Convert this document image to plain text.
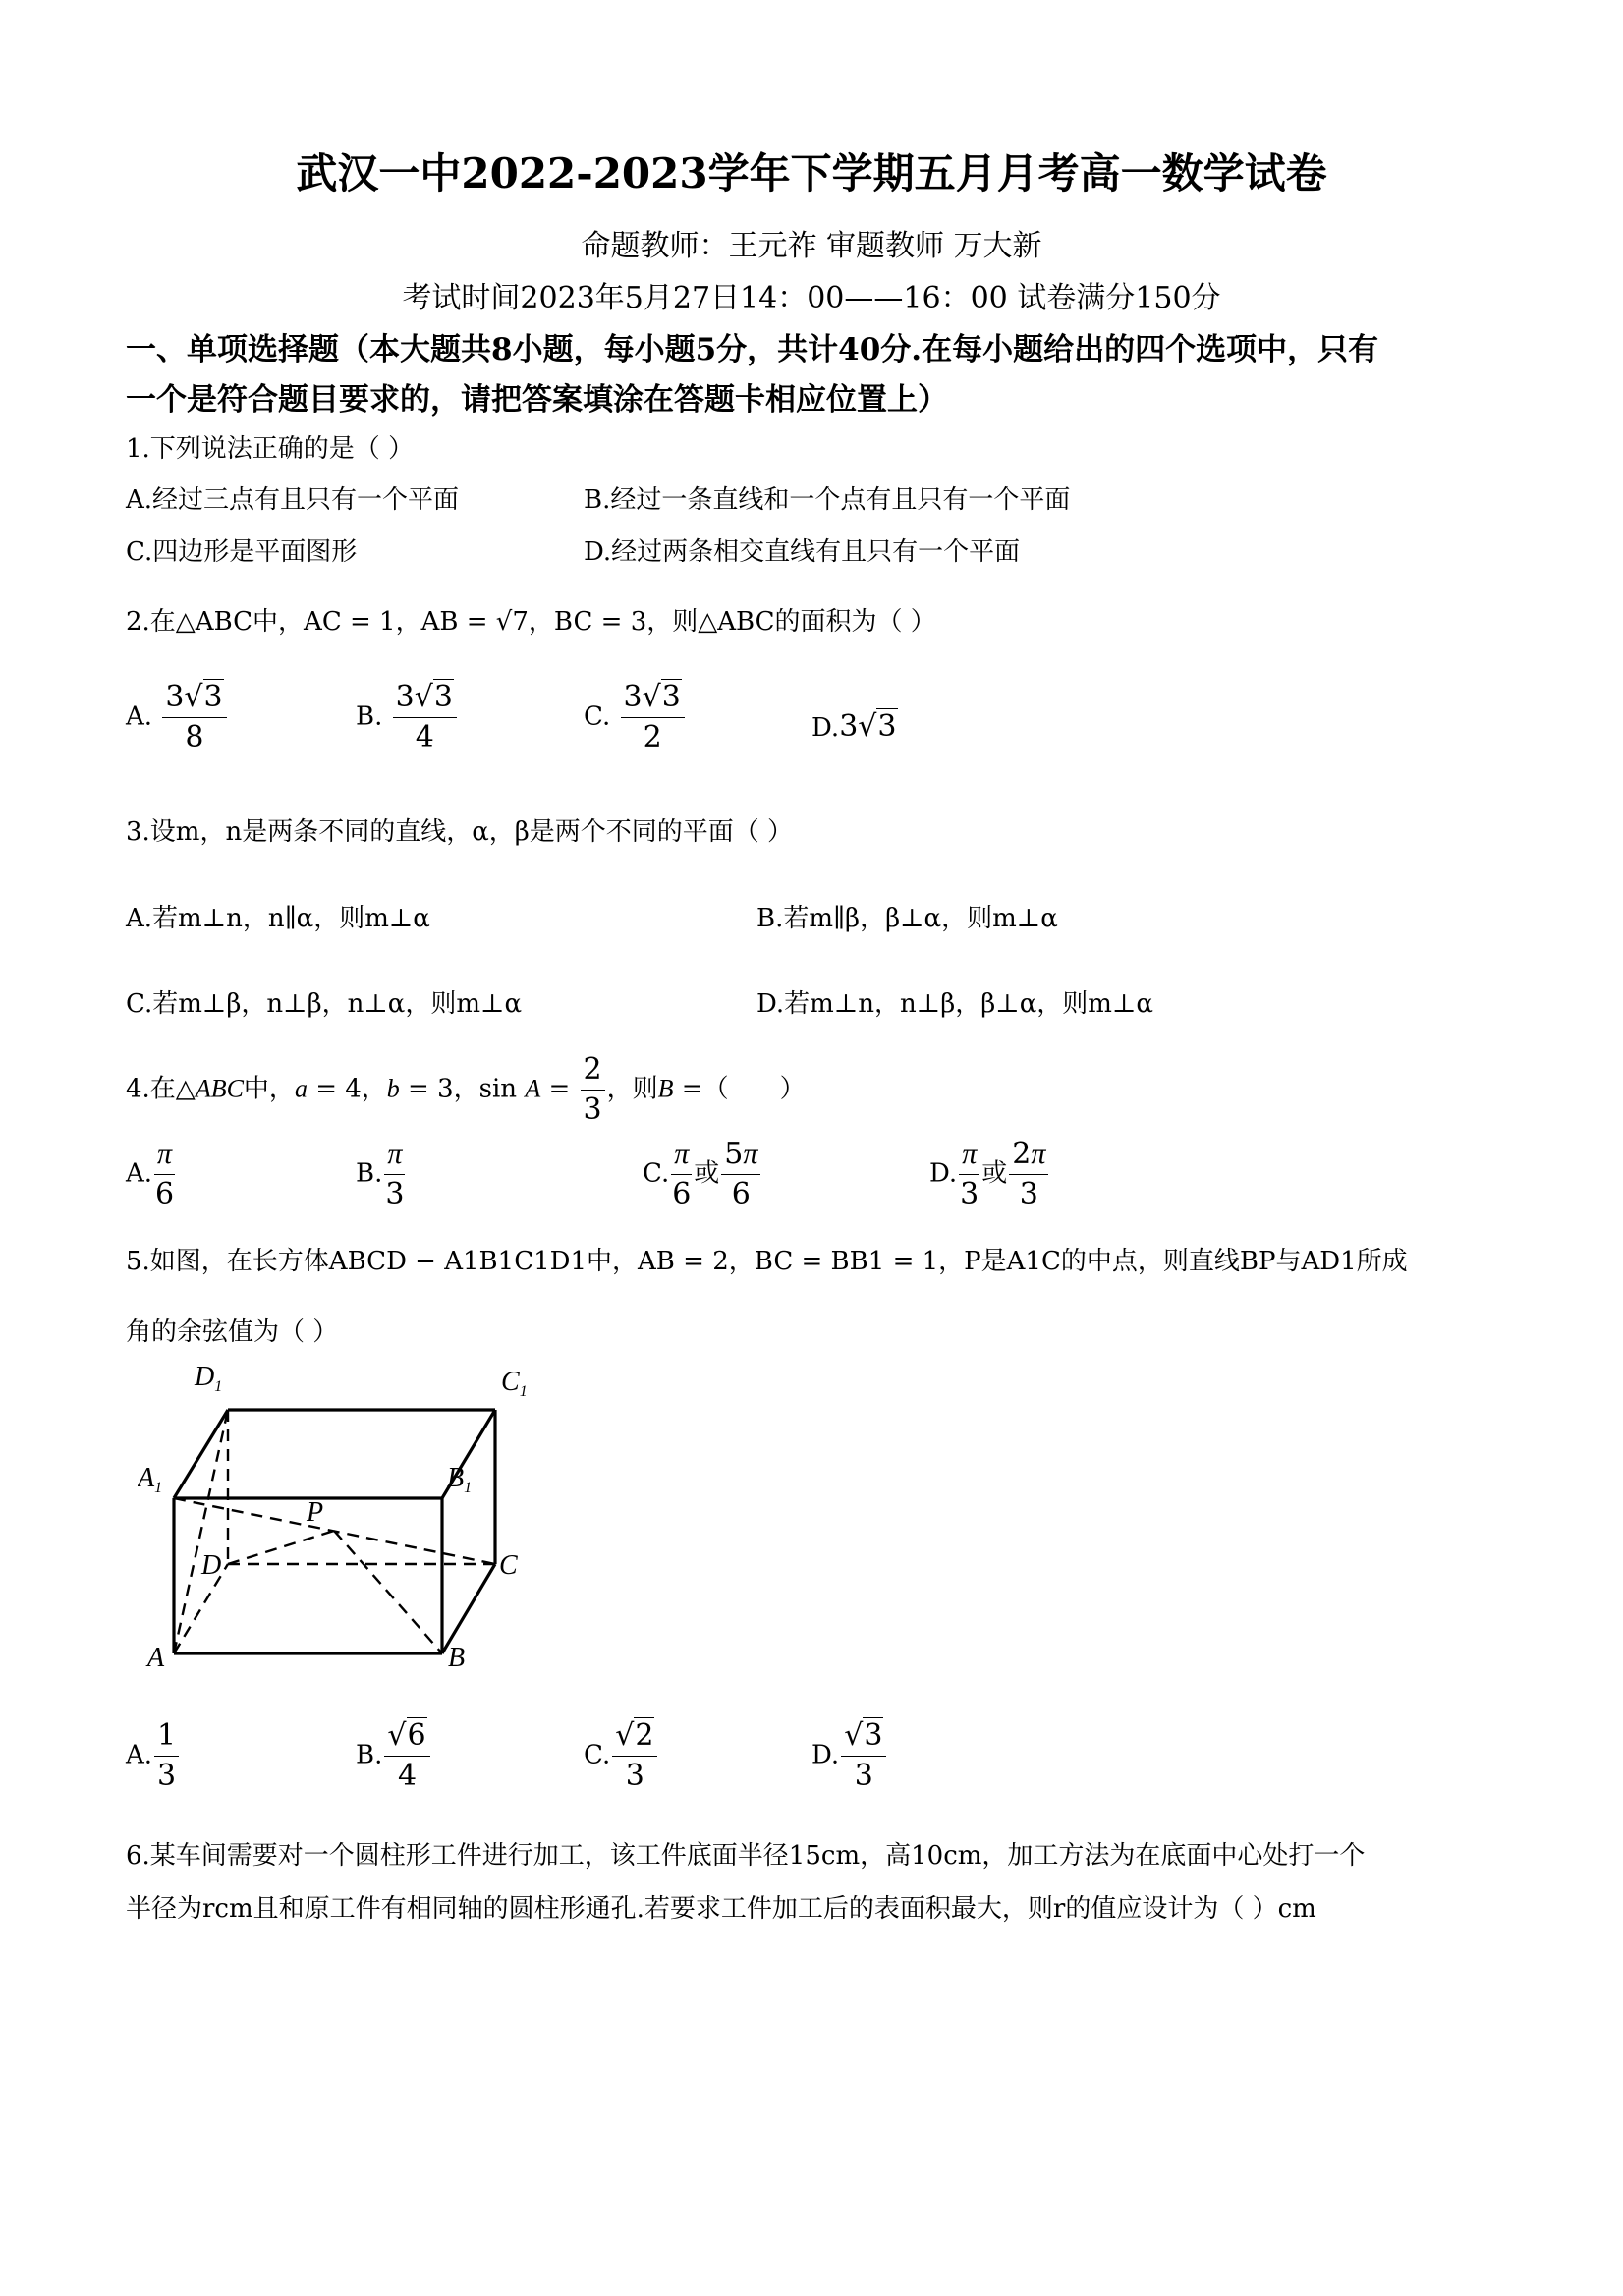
武汉一中2022-2023学年下学期五月月考高一数学试卷
命题教师：王元祚 审题教师 万大新
考试时间2023年5月27日14：00——16：00 试卷满分150分
一、单项选择题（本大题共8小题，每小题5分，共计40分.在每小题给出的四个选项中，只有
一个是符合题目要求的，请把答案填涂在答题卡相应位置上）
1.下列说法正确的是（ ）
A.经过三点有且只有一个平面	B.经过一条直线和一个点有且只有一个平面
C.四边形是平面图形	D.经过两条相交直线有且只有一个平面
2.在△ABC中，AC = 1，AB = √7，BC = 3，则△ABC的面积为（ ）
A. $\frac{3√3}{8}$	B. $\frac{3√3}{4}$	C. $\frac{3√3}{2}$	D.3√3
3.设m，n是两条不同的直线，α，β是两个不同的平面（ ）
A.若m⊥n，n∥α，则m⊥α	B.若m∥β，β⊥α，则m⊥α
C.若m⊥β，n⊥β，n⊥α，则m⊥α	D.若m⊥n，n⊥β，β⊥α，则m⊥α
4.在△ABC中，a = 4，b = 3，$\sin A = \frac{2}{3}$ ，则B =（　　）
A. $\frac{\pi}{6}$	B. $\frac{\pi}{3}$	C. $\frac{\pi}{6}$ 或 $\frac{5\pi}{6}$	D. $\frac{\pi}{3}$ 或 $\frac{2\pi}{3}$
5.如图，在长方体ABCD − A1B1C1D1中，AB = 2，BC = BB1 = 1，P是A1C的中点，则直线BP与AD1所成
角的余弦值为（ ）
$D_1$	$C_1$
$A_1$	$B_1$
D
P
C
A	B
A. $\frac{1}{3}$	B. $\frac{√6}{4}$	C. $\frac{√2}{3}$	D. $\frac{√3}{3}$
6.某车间需要对一个圆柱形工件进行加工，该工件底面半径15cm，高10cm，加工方法为在底面中心处打一个
半径为rcm且和原工件有相同轴的圆柱形通孔.若要求工件加工后的表面积最大，则r的值应设计为（ ）cm
